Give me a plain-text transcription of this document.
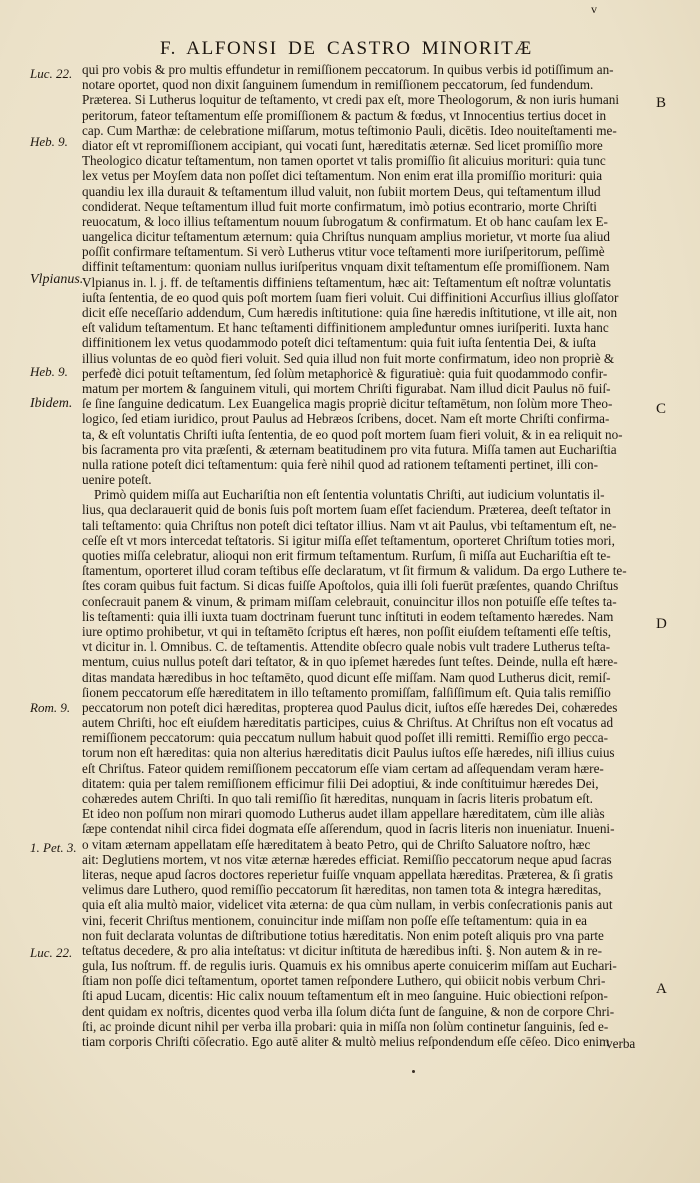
v
F. ALFONSI DE CASTRO MINORITÆ
Luc. 22.
Heb. 9.
Vlpianus.
Heb. 9.
Ibidem.
Rom. 9.
1. Pet. 3.
Luc. 22.
B
C
D
A
qui pro vobis & pro multis effundetur in remiſſionem peccatorum. In quibus verbis id potiſſimum an-
notare oportet, quod non dixit ſanguinem ſumendum in remiſſionem peccatorum, ſed fundendum.
Præterea. Si Lutherus loquitur de teſtamento, vt credi pax eſt, more Theologorum, & non iuris humani
peritorum, fateor teſtamentum eſſe promiſſionem & pactum & fœdus, vt Innocentius tertius docet in
cap. Cum Marthæ: de celebratione miſſarum, motus teſtimonio Pauli, dicētis. Ideo nouiteſtamenti me-
diator eſt vt repromiſſionem accipiant, qui vocati ſunt, hæreditatis æternæ. Sed licet promiſſio more
Theologico dicatur teſtamentum, non tamen oportet vt talis promiſſio ſit alicuius morituri: quia tunc
lex vetus per Moyſem data non poſſet dici teſtamentum. Non enim erat illa promiſſio morituri: quia
quandiu lex illa durauit & teſtamentum illud valuit, non ſubiit mortem Deus, qui teſtamentum illud
condiderat. Neque teſtamentum illud fuit morte confirmatum, imò potius econtrario, morte Chriſti
reuocatum, & loco illius teſtamentum nouum ſubrogatum & confirmatum. Et ob hanc cauſam lex E-
uangelica dicitur teſtamentum æternum: quia Chriſtus nunquam amplius morietur, vt morte ſua aliud
poſſit confirmare teſtamentum. Si verò Lutherus vtitur voce teſtamenti more iuriſperitorum, peſſimè
diffinit teſtamentum: quoniam nullus iuriſperitus vnquam dixit teſtamentum eſſe promiſſionem. Nam
Vlpianus in. l. j. ff. de teſtamentis diffiniens teſtamentum, hæc ait: Teſtamentum eſt noſtræ voluntatis
iuſta ſententia, de eo quod quis poſt mortem ſuam fieri voluit. Cui diffinitioni Accurſius illius gloſſator
dicit eſſe neceſſario addendum, Cum hæredis inſtitutione: quia ſine hæredis inſtitutione, vt ille ait, non
eſt validum teſtamentum. Et hanc teſtamenti diffinitionem ampleđuntur omnes iuriſperiti. Iuxta hanc
diffinitionem lex vetus quodammodo poteſt dici teſtamentum: quia fuit iuſta ſententia Dei, & iuſta
illius voluntas de eo quòd fieri voluit. Sed quia illud non fuit morte confirmatum, ideo non propriè &
perfeđè dici potuit teſtamentum, ſed ſolùm metaphoricè & figuratiuè: quia fuit quodammodo confir-
matum per mortem & ſanguinem vituli, qui mortem Chriſti figurabat. Nam illud dicit Paulus nō fuiſ-
ſe ſine ſanguine dedicatum. Lex Euangelica magis propriè dicitur teſtamētum, non ſolùm more Theo-
logico, ſed etiam iuridico, prout Paulus ad Hebræos ſcribens, docet. Nam eſt morte Chriſti confirma-
ta, & eſt voluntatis Chriſti iuſta ſententia, de eo quod poſt mortem ſuam fieri voluit, & in ea reliquit no-
bis ſacramenta pro vita præſenti, & æternam beatitudinem pro vita futura. Miſſa tamen aut Euchariſtia
nulla ratione poteſt dici teſtamentum: quia ferè nihil quod ad rationem teſtamenti pertinet, illi con-
uenire poteſt.
Primò quidem miſſa aut Euchariſtia non eſt ſententia voluntatis Chriſti, aut iudicium voluntatis il-
lius, qua declarauerit quid de bonis ſuis poſt mortem ſuam eſſet faciendum. Præterea, deeſt teſtator in
tali teſtamento: quia Chriſtus non poteſt dici teſtator illius. Nam vt ait Paulus, vbi teſtamentum eſt, ne-
ceſſe eſt vt mors intercedat teſtatoris. Si igitur miſſa eſſet teſtamentum, oporteret Chriſtum toties mori,
quoties miſſa celebratur, alioqui non erit firmum teſtamentum. Rurſum, ſi miſſa aut Euchariſtia eſt te-
ſtamentum, oporteret illud coram teſtibus eſſe declaratum, vt ſit firmum & validum. Da ergo Luthere te-
ſtes coram quibus fuit factum. Si dicas fuiſſe Apoſtolos, quia illi ſoli fuerūt præſentes, quando Chriſtus
conſecrauit panem & vinum, & primam miſſam celebrauit, conuincitur illos non potuiſſe eſſe teſtes ta-
lis teſtamenti: quia illi iuxta tuam doctrinam fuerunt tunc inſtituti in eodem teſtamento hæredes. Nam
iure optimo prohibetur, vt qui in teſtamēto ſcriptus eſt hæres, non poſſit eiuſdem teſtamenti eſſe teſtis,
vt dicitur in. l. Omnibus. C. de teſtamentis. Attendite obſecro quale nobis vult tradere Lutherus teſta-
mentum, cuius nullus poteſt dari teſtator, & in quo ipſemet hæredes ſunt teſtes. Deinde, nulla eſt hære-
ditas mandata hæredibus in hoc teſtamēto, quod dicunt eſſe miſſam. Nam quod Lutherus dicit, remiſ-
ſionem peccatorum eſſe hæreditatem in illo teſtamento promiſſam, falſiſſimum eſt. Quia talis remiſſio
peccatorum non poteſt dici hæreditas, propterea quod Paulus dicit, iuſtos eſſe hæredes Dei, cohæredes
autem Chriſti, hoc eſt eiuſdem hæreditatis participes, cuius & Chriſtus. At Chriſtus non eſt vocatus ad
remiſſionem peccatorum: quia peccatum nullum habuit quod poſſet illi remitti. Remiſſio ergo pecca-
torum non eſt hæreditas: quia non alterius hæreditatis dicit Paulus iuſtos eſſe hæredes, niſi illius cuius
eſt Chriſtus. Fateor quidem remiſſionem peccatorum eſſe viam certam ad aſſequendam veram hære-
ditatem: quia per talem remiſſionem efficimur filii Dei adoptiui, & inde conſtituimur hæredes Dei,
cohæredes autem Chriſti. In quo tali remiſſio ſit hæreditas, nunquam in ſacris literis probatum eſt.
Et ideo non poſſum non mirari quomodo Lutherus audet illam appellare hæreditatem, cùm ille aliàs
ſæpe contendat nihil circa fidei dogmata eſſe aſſerendum, quod in ſacris literis non inueniatur. Inueni-
o vitam æternam appellatam eſſe hæreditatem à beato Petro, qui de Chriſto Saluatore noſtro, hæc
ait: Deglutiens mortem, vt nos vitæ æternæ hæredes efficiat. Remiſſio peccatorum neque apud ſacras
literas, neque apud ſacros doctores reperietur fuiſſe vnquam appellata hæreditas. Præterea, & ſi gratis
velimus dare Luthero, quod remiſſio peccatorum ſit hæreditas, non tamen tota & integra hæreditas,
quia eſt alia multò maior, videlicet vita æterna: de qua cùm nullam, in verbis conſecrationis panis aut
vini, fecerit Chriſtus mentionem, conuincitur inde miſſam non poſſe eſſe teſtamentum: quia in ea
non fuit declarata voluntas de diſtributione totius hæreditatis. Non enim poteſt aliquis pro vna parte
teſtatus decedere, & pro alia inteſtatus: vt dicitur inſtituta de hæredibus inſti. §. Non autem & in re-
gula, Ius noſtrum. ff. de regulis iuris. Quamuis ex his omnibus aperte conuicerim miſſam aut Euchari-
ſtiam non poſſe dici teſtamentum, oportet tamen reſpondere Luthero, qui obiicit nobis verbum Chri-
ſti apud Lucam, dicentis: Hic calix nouum teſtamentum eſt in meo ſanguine. Huic obiectioni reſpon-
dent quidam ex noſtris, dicentes quod verba illa ſolum dićta ſunt de ſanguine, & non de corpore Chri-
ſti, ac proinde dicunt nihil per verba illa probari: quia in miſſa non ſolùm continetur ſanguinis, ſed e-
tiam corporis Chriſti cōſecratio. Ego autē aliter & multò melius reſpondendum eſſe cēſeo. Dico enim
verba
